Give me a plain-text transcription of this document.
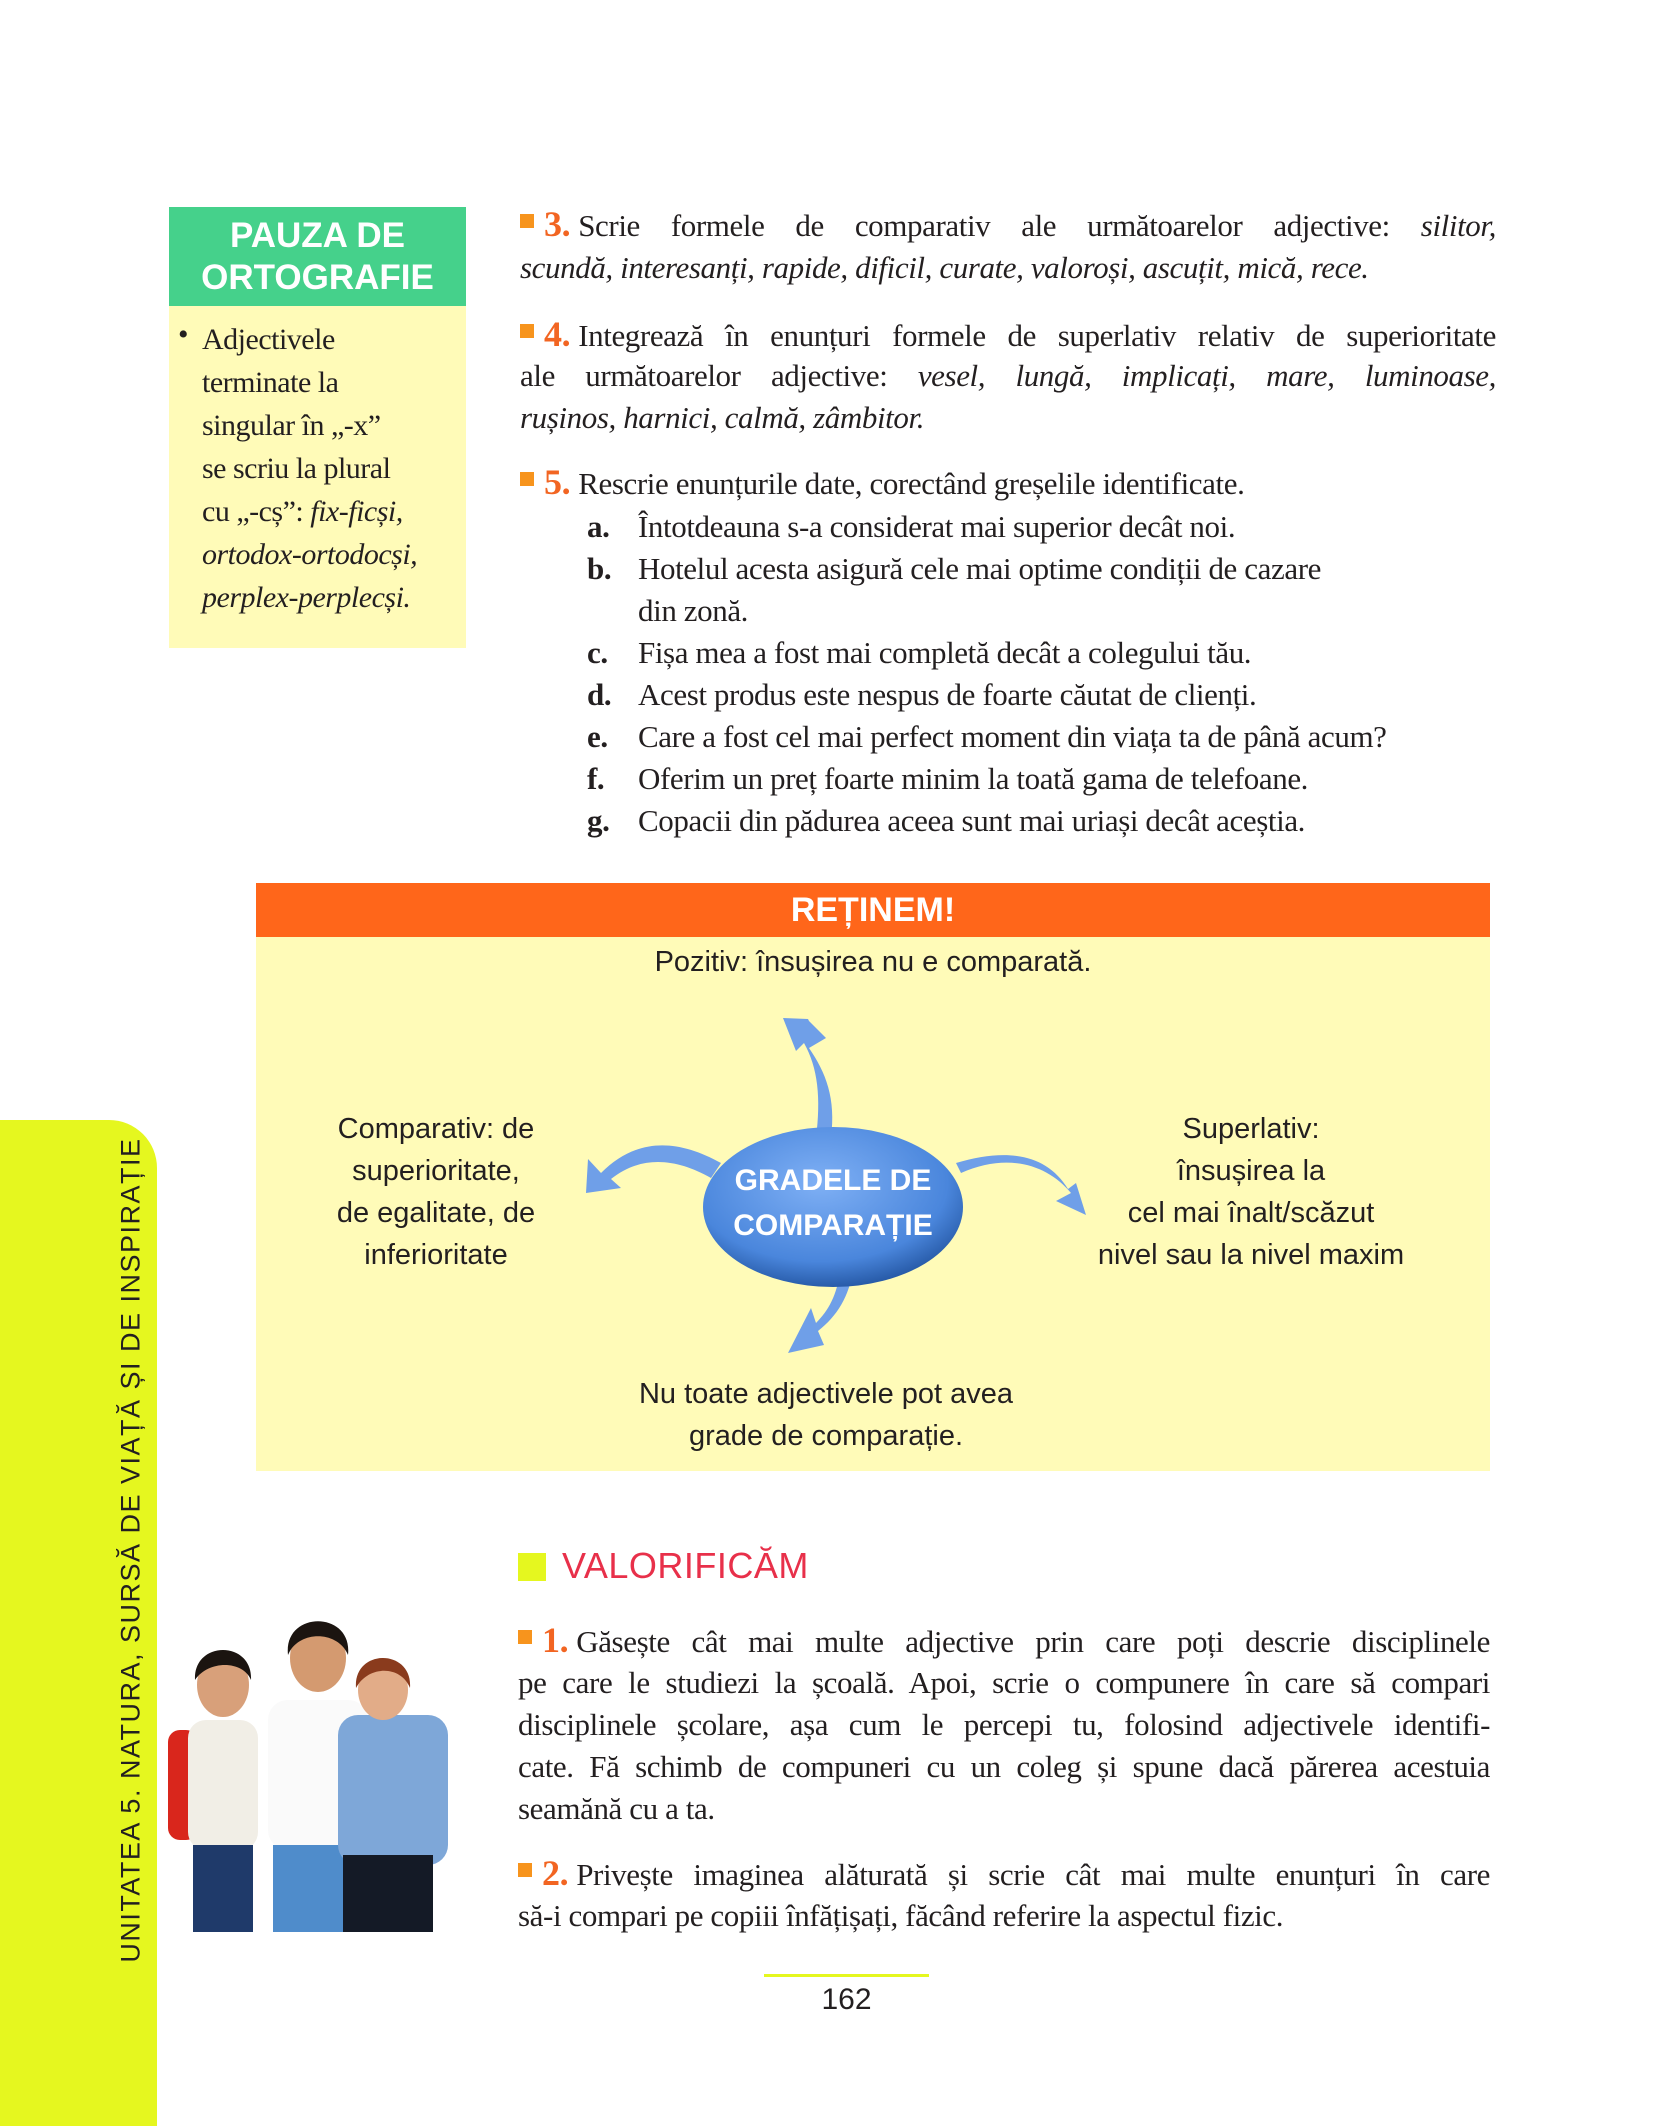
UNITATEA 5. NATURA, SURSĂ DE VIAȚĂ ȘI DE INSPIRAȚIE
PAUZA DE
ORTOGRAFIE
• Adjectivele
terminate la
singular în „-x”
se scriu la plural
cu „-cș”: fix-ficși,
ortodox-ortodocși,
perplex-perplecși.
3. Scrie formele de comparativ ale următoarelor adjective: silitor,
scundă, interesanți, rapide, dificil, curate, valoroși, ascuțit, mică, rece.
4. Integrează în enunțuri formele de superlativ relativ de superioritate
ale următoarelor adjective: vesel, lungă, implicați, mare, luminoase,
rușinos, harnici, calmă, zâmbitor.
5. Rescrie enunțurile date, corectând greșelile identificate.
a. Întotdeauna s-a considerat mai superior decât noi.
b. Hotelul acesta asigură cele mai optime condiții de cazare
din zonă.
c. Fișa mea a fost mai completă decât a colegului tău.
d. Acest produs este nespus de foarte căutat de clienți.
e. Care a fost cel mai perfect moment din viața ta de până acum?
f. Oferim un preț foarte minim la toată gama de telefoane.
g. Copacii din pădurea aceea sunt mai uriași decât aceștia.
REȚINEM!
Pozitiv: însușirea nu e comparată.
GRADELE DE
COMPARAȚIE
Comparativ: de
superioritate,
de egalitate, de
inferioritate
Superlativ:
însușirea la
cel mai înalt/scăzut
nivel sau la nivel maxim
Nu toate adjectivele pot avea
grade de comparație.
VALORIFICĂM
1. Găsește cât mai multe adjective prin care poți descrie disciplinele
pe care le studiezi la școală. Apoi, scrie o compunere în care să compari
disciplinele școlare, așa cum le percepi tu, folosind adjectivele identifi-
cate. Fă schimb de compuneri cu un coleg și spune dacă părerea acestuia
seamănă cu a ta.
2. Privește imaginea alăturată și scrie cât mai multe enunțuri în care
să-i compari pe copiii înfățișați, făcând referire la aspectul fizic.
162
